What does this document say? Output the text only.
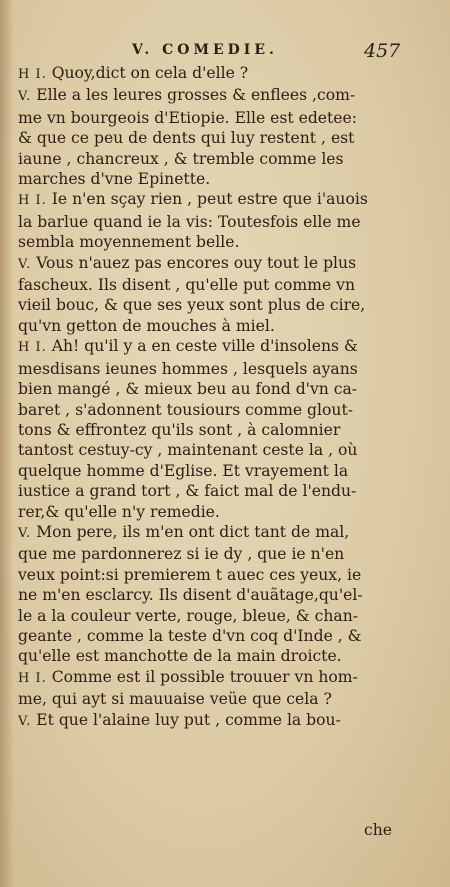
V. COMEDIE.	457
H I. Quoy,dict on cela d'elle ?
V. Elle a les leures grosses & enflees ,com-
me vn bourgeois d'Etiopie. Elle est edetee:
& que ce peu de dents qui luy restent , est
iaune , chancreux , & tremble comme les
marches d'vne Epinette.
H I. Ie n'en sçay rien , peut estre que i'auois
la barlue quand ie la vis: Toutesfois elle me
sembla moyennement belle.
V. Vous n'auez pas encores ouy tout le plus
fascheux. Ils disent , qu'elle put comme vn
vieil bouc, & que ses yeux sont plus de cire,
qu'vn getton de mouches à miel.
H I. Ah! qu'il y a en ceste ville d'insolens &
mesdisans ieunes hommes , lesquels ayans
bien mangé , & mieux beu au fond d'vn ca-
baret , s'adonnent tousiours comme glout-
tons & effrontez qu'ils sont , à calomnier
tantost cestuy-cy , maintenant ceste la , où
quelque homme d'Eglise. Et vrayement la
iustice a grand tort , & faict mal de l'endu-
rer,& qu'elle n'y remedie.
V. Mon pere, ils m'en ont dict tant de mal,
que me pardonnerez si ie dy , que ie n'en
veux point:si premierem t auec ces yeux, ie
ne m'en esclarcy. Ils disent d'auãtage,qu'el-
le a la couleur verte, rouge, bleue, & chan-
geante , comme la teste d'vn coq d'Inde , &
qu'elle est manchotte de la main droicte.
H I. Comme est il possible trouuer vn hom-
me, qui ayt si mauuaise veüe que cela ?
V. Et que l'alaine luy put , comme la bou-
che
